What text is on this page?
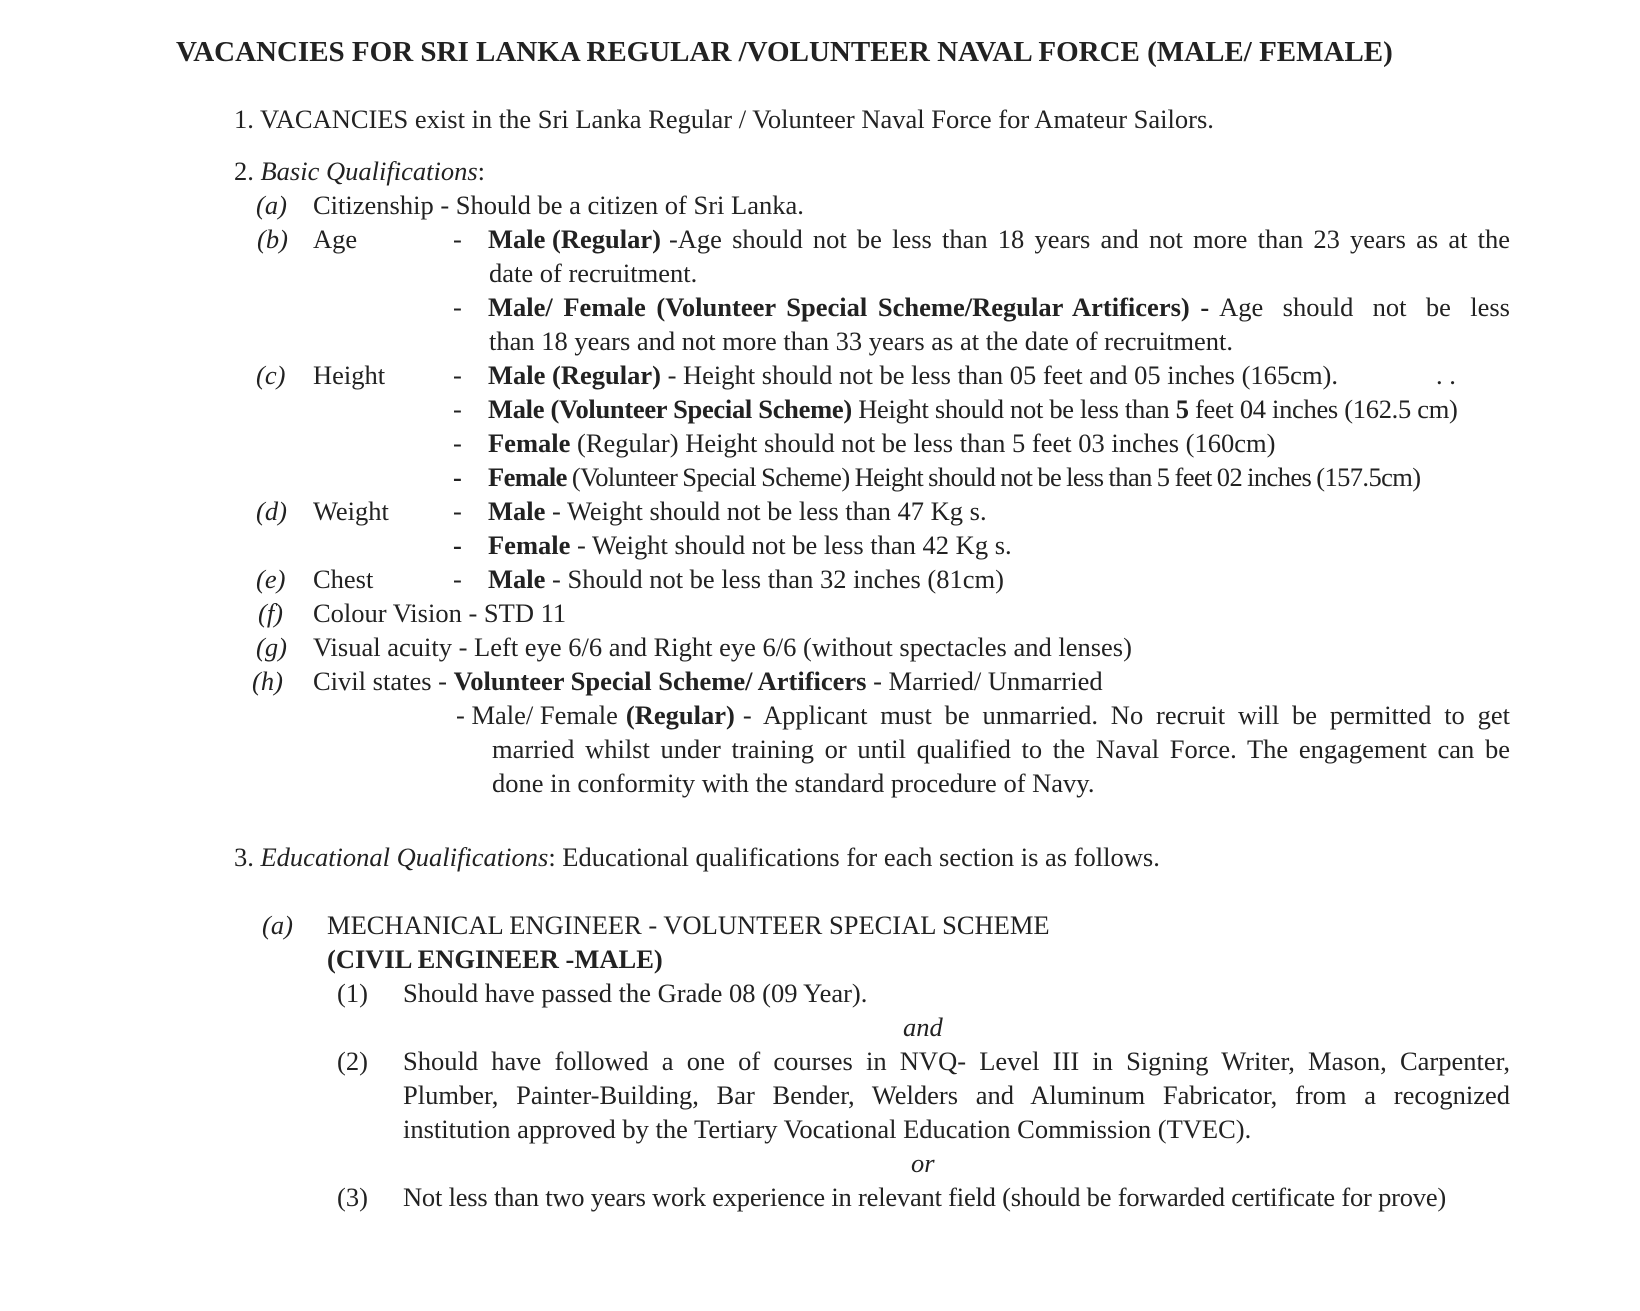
VACANCIES FOR SRI LANKA REGULAR /VOLUNTEER NAVAL FORCE (MALE/ FEMALE)
1. VACANCIES exist in the Sri Lanka Regular / Volunteer Naval Force for Amateur Sailors.
2. Basic Qualifications:
(a) Citizenship - Should be a citizen of Sri Lanka.
(b) Age	- Male (Regular) -Age should not be less than 18 years and not more than 23 years as at the
date of recruitment.
- Male/ Female (Volunteer Special Scheme/Regular Artificers) - Age should not be less
than 18 years and not more than 33 years as at the date of recruitment.
(c) Height	- Male (Regular) - Height should not be less than 05 feet and 05 inches (165cm).	. .
- Male (Volunteer Special Scheme) Height should not be less than 5 feet 04 inches (162.5 cm)
- Female (Regular) Height should not be less than 5 feet 03 inches (160cm)
- Female (Volunteer Special Scheme) Height should not be less than 5 feet 02 inches (157.5cm)
(d) Weight - Male - Weight should not be less than 47 Kg s.
- Female - Weight should not be less than 42 Kg s.
(e) Chest	- Male - Should not be less than 32 inches (81cm)
(f) Colour Vision - STD 11
(g) Visual acuity - Left eye 6/6 and Right eye 6/6 (without spectacles and lenses)
(h) Civil states - Volunteer Special Scheme/ Artificers - Married/ Unmarried
- Male/ Female (Regular) - Applicant must be unmarried. No recruit will be permitted to get
married whilst under training or until qualified to the Naval Force. The engagement can be
done in conformity with the standard procedure of Navy.
3. Educational Qualifications: Educational qualifications for each section is as follows.
(a) MECHANICAL ENGINEER - VOLUNTEER SPECIAL SCHEME
(CIVIL ENGINEER -MALE)
(1) Should have passed the Grade 08 (09 Year).
and
(2) Should have followed a one of courses in NVQ- Level III in Signing Writer, Mason, Carpenter,
Plumber, Painter-Building, Bar Bender, Welders and Aluminum Fabricator, from a recognized
institution approved by the Tertiary Vocational Education Commission (TVEC).
or
(3) Not less than two years work experience in relevant field (should be forwarded certificate for prove)
